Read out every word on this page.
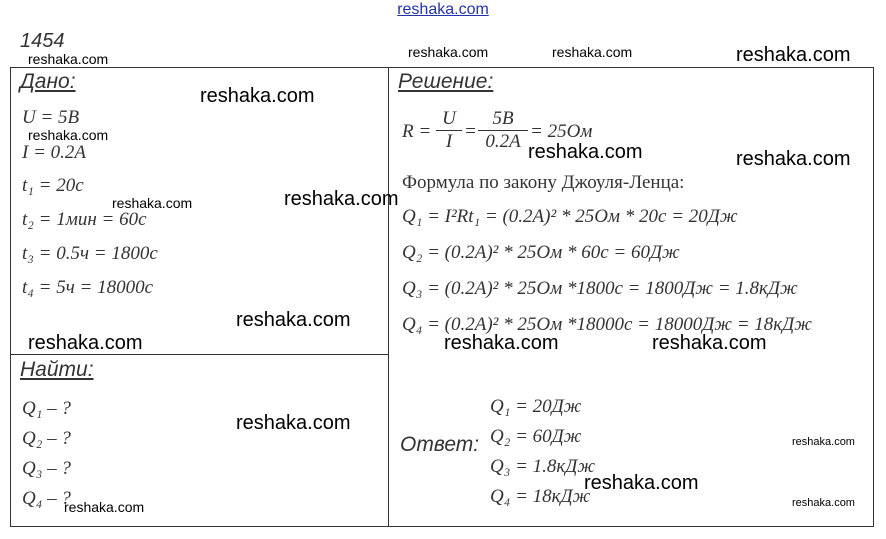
reshaka.com
1454
Дано:
U = 5B
I = 0.2A
t₁ = 20c
t₂ = 1мин = 60c
t₃ = 0.5ч = 1800c
t₄ = 5ч = 18000c
Найти:
Q₁ – ?
Q₂ – ?
Q₃ – ?
Q₄ – ?
Решение:
$R = \frac{U}{I} = \frac{5B}{0.2A} = 25Ом$
Формула по закону Джоуля-Ленца:
Q₁ = I²Rt₁ = (0.2A)² * 25Ом * 20c = 20Дж
Q₂ = (0.2A)² * 25Ом * 60c = 60Дж
Q₃ = (0.2A)² * 25Ом *1800c = 1800Дж = 1.8кДж
Q₄ = (0.2A)² * 25Ом *18000c = 18000Дж = 18кДж
Ответ:
Q₁ = 20Дж
Q₂ = 60Дж
Q₃ = 1.8кДж
Q₄ = 18кДж
reshaka.com	reshaka.com	reshaka.com	reshaka.com
reshaka.com
reshaka.com
reshaka.com	reshaka.com
reshaka.com
reshaka.com
reshaka.com
reshaka.com	reshaka.com	reshaka.com
reshaka.com
reshaka.com
reshaka.com
reshaka.com
reshaka.com
